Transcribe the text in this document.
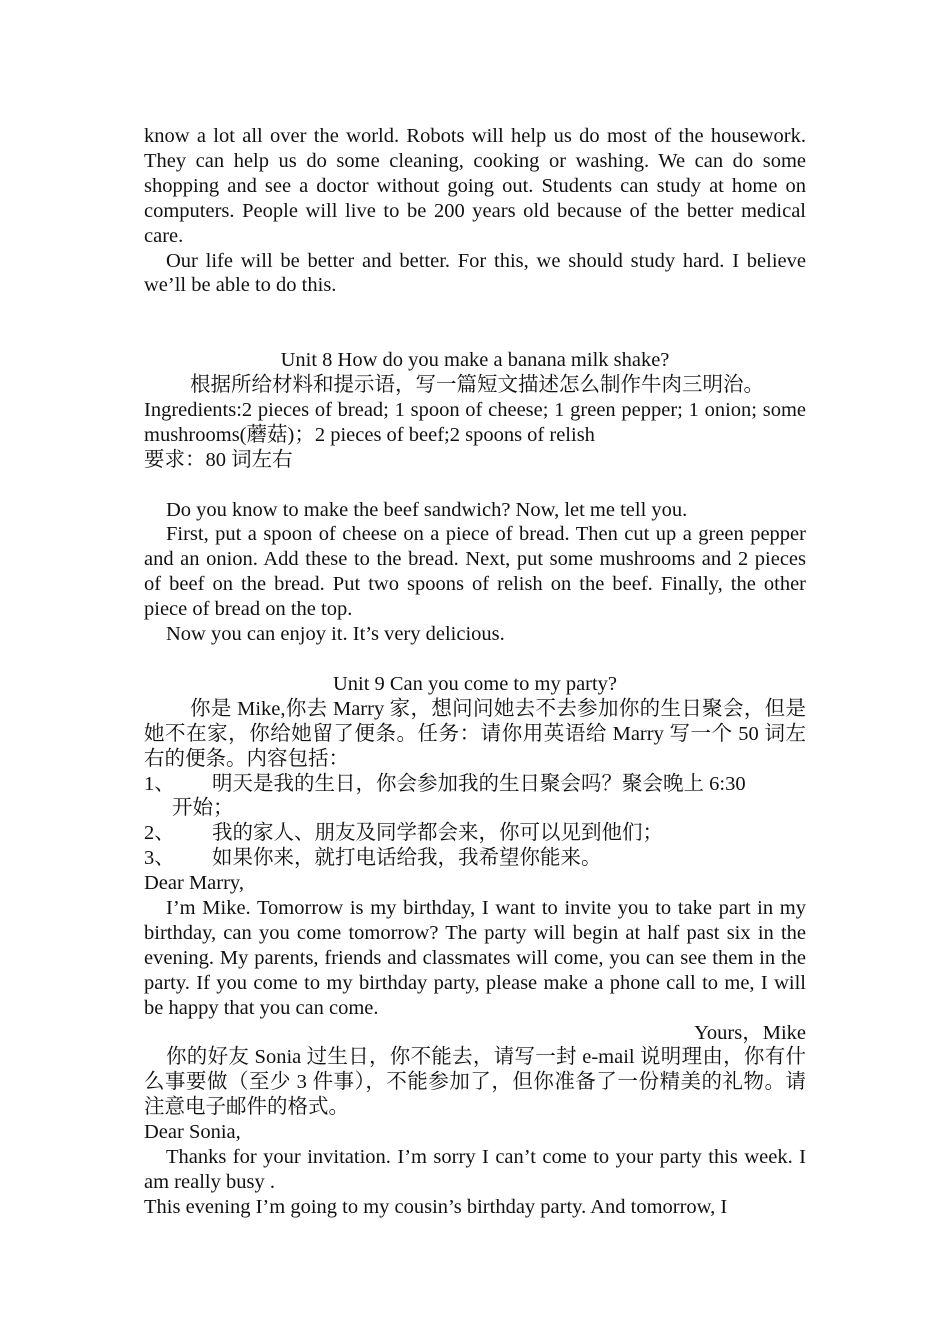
know a lot all over the world. Robots will help us do most of the housework. They can help us do some cleaning, cooking or washing. We can do some shopping and see a doctor without going out. Students can study at home on computers. People will live to be 200 years old because of the better medical care.

Our life will be better and better. For this, we should study hard. I believe we’ll be able to do this.

Unit 8 How do you make a banana milk shake?

根据所给材料和提示语，写一篇短文描述怎么制作牛肉三明治。

Ingredients:2 pieces of bread; 1 spoon of cheese; 1 green pepper; 1 onion; some mushrooms(蘑菇)；2 pieces of beef;2 spoons of relish

要求：80 词左右

Do you know to make the beef sandwich? Now, let me tell you.

First, put a spoon of cheese on a piece of bread. Then cut up a green pepper and an onion. Add these to the bread. Next, put some mushrooms and 2 pieces of beef on the bread. Put two spoons of relish on the beef. Finally, the other piece of bread on the top.

Now you can enjoy it. It’s very delicious.

Unit 9 Can you come to my party?

你是 Mike,你去 Marry 家，想问问她去不去参加你的生日聚会，但是她不在家，你给她留了便条。任务：请你用英语给 Marry 写一个 50 词左右的便条。内容包括：

1、	明天是我的生日，你会参加我的生日聚会吗？聚会晚上 6:30

开始；

2、	我的家人、朋友及同学都会来，你可以见到他们；
3、	如果你来，就打电话给我，我希望你能来。

Dear Marry,

I’m Mike. Tomorrow is my birthday, I want to invite you to take part in my birthday, can you come tomorrow? The party will begin at half past six in the evening. My parents, friends and classmates will come, you can see them in the party. If you come to my birthday party, please make a phone call to me, I will be happy that you can come.

Yours，Mike

你的好友 Sonia 过生日，你不能去，请写一封 e-mail 说明理由，你有什么事要做（至少 3 件事），不能参加了，但你准备了一份精美的礼物。请注意电子邮件的格式。

Dear Sonia,

Thanks for your invitation. I’m sorry I can’t come to your party this week. I am really busy .

This evening I’m going to my cousin’s birthday party. And tomorrow, I
